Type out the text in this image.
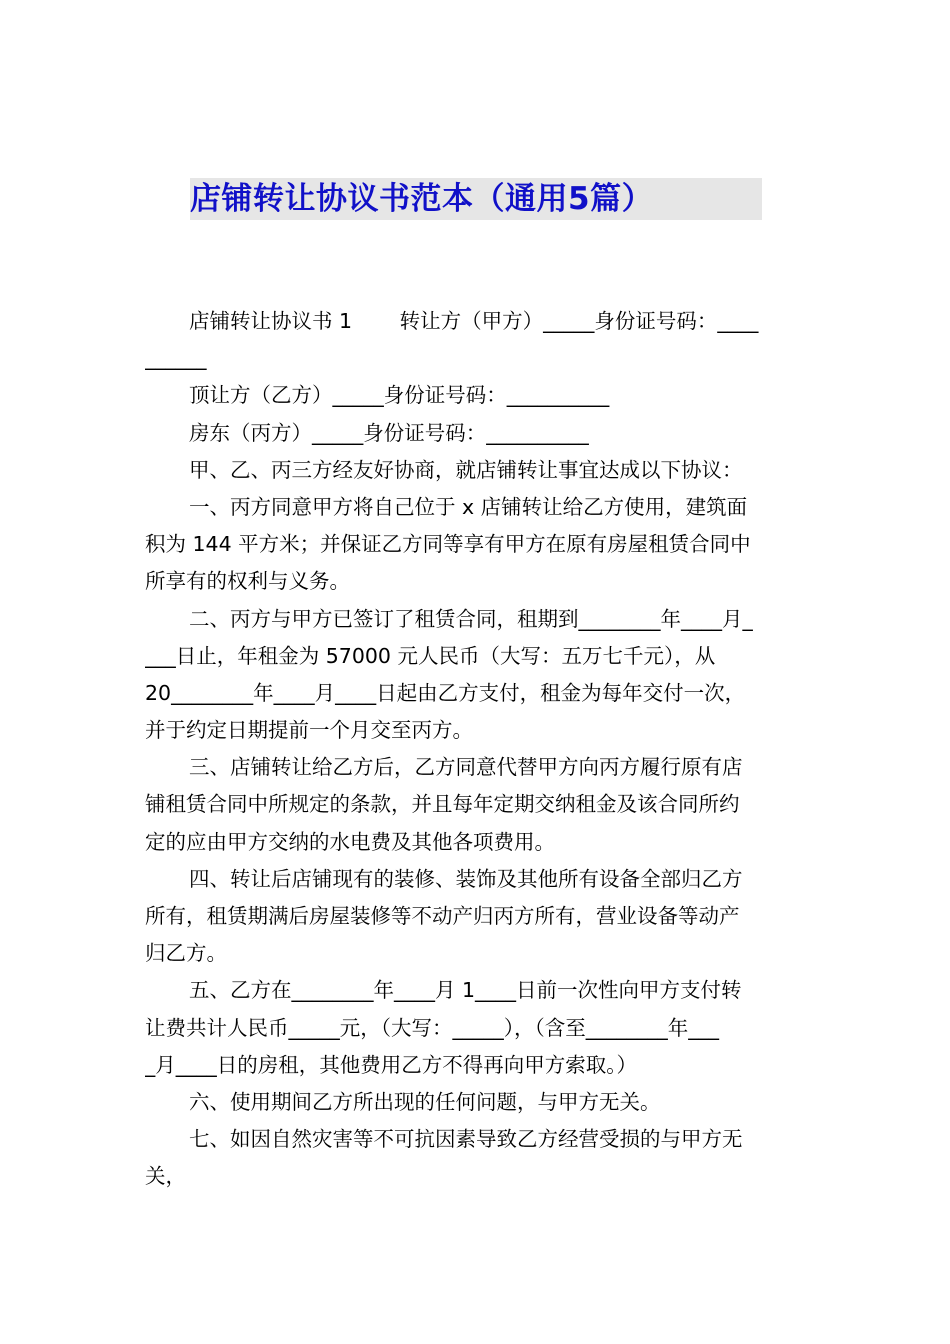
店铺转让协议书范本（通用5篇）
店铺转让协议书 1　　 转让方（甲方）_____身份证号码：____
______
顶让方（乙方）_____身份证号码：__________
房东（丙方）_____身份证号码：__________
甲、乙、丙三方经友好协商，就店铺转让事宜达成以下协议：
一、丙方同意甲方将自己位于 x 店铺转让给乙方使用，建筑面
积为 144 平方米；并保证乙方同等享有甲方在原有房屋租赁合同中
所享有的权利与义务。
二、丙方与甲方已签订了租赁合同，租期到________年____月_
___日止，年租金为 57000 元人民币（大写：五万七千元），从
20________年____月____日起由乙方支付，租金为每年交付一次，
并于约定日期提前一个月交至丙方。
三、店铺转让给乙方后，乙方同意代替甲方向丙方履行原有店
铺租赁合同中所规定的条款，并且每年定期交纳租金及该合同所约
定的应由甲方交纳的水电费及其他各项费用。
四、转让后店铺现有的装修、装饰及其他所有设备全部归乙方
所有，租赁期满后房屋装修等不动产归丙方所有，营业设备等动产
归乙方。
五、乙方在________年____月 1____日前一次性向甲方支付转
让费共计人民币_____元，（大写：_____），（含至________年___
_月____日的房租，其他费用乙方不得再向甲方索取。）
六、使用期间乙方所出现的任何问题，与甲方无关。
七、如因自然灾害等不可抗因素导致乙方经营受损的与甲方无
关，
